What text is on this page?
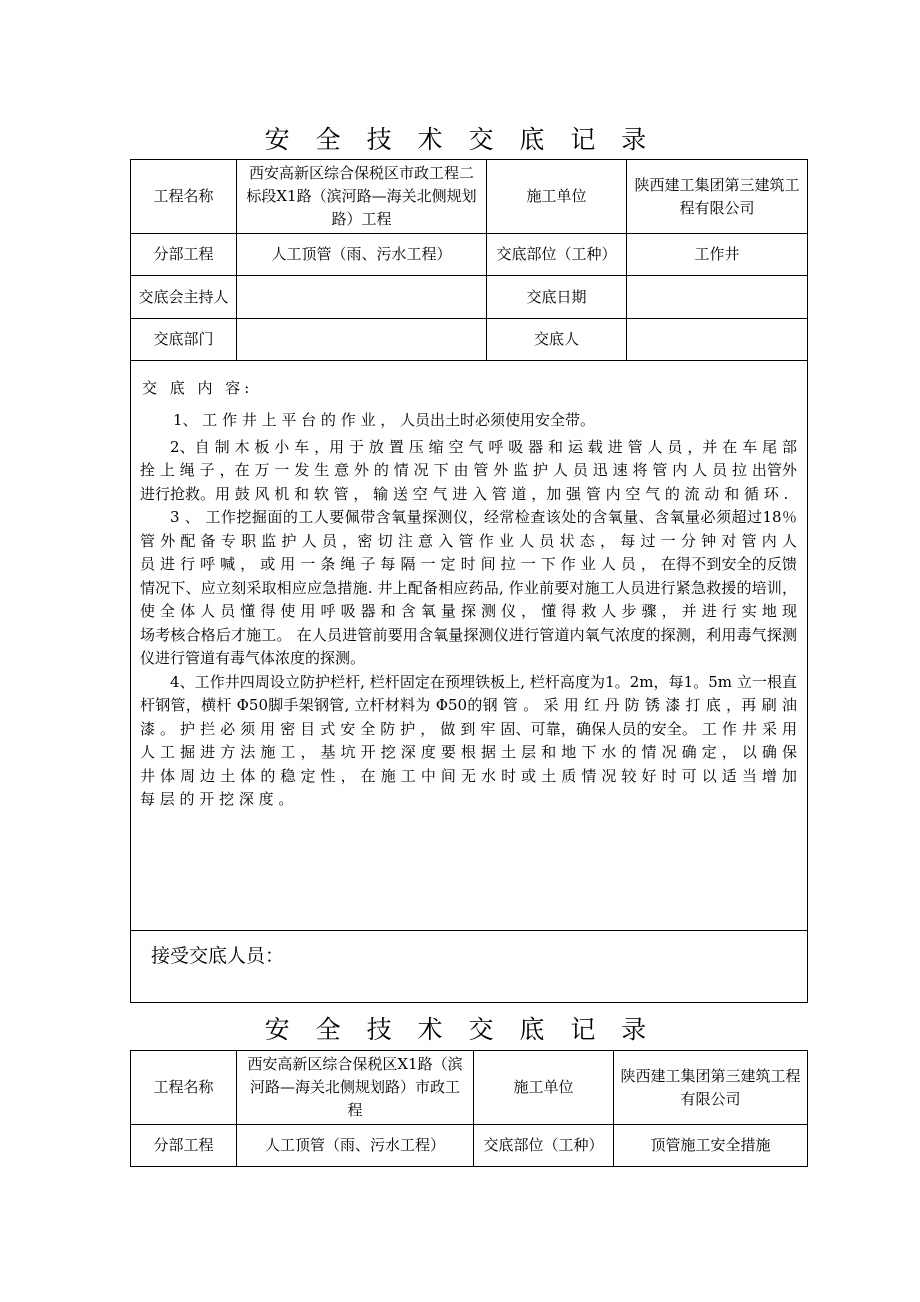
安 全 技 术 交 底 记 录
工程名称	西安高新区综合保税区市政工程二标段X1路（滨河路—海关北侧规划路）工程	施工单位	陕西建工集团第三建筑工程有限公司
分部工程	人工顶管（雨、污水工程）	交底部位（工种）	工作井
交底会主持人		交底日期	
交底部门		交底人	

交 底 内 容:

1、 工 作 井 上 平 台 的 作 业 ， 人员出土时必须使用安全带。

2、自 制 木 板 小 车 ，用 于 放 置 压 缩 空 气 呼 吸 器 和 运 载 进 管 人 员 ，并 在 车 尾 部 拴 上 绳 子 ，在 万 一 发 生 意 外 的 情 况 下 由 管 外 监 护 人 员 迅 速 将 管 内 人 员 拉 出管外进行抢救。用 鼓 风 机 和 软 管 ， 输 送 空 气 进 入 管 道 ，加 强 管 内 空 气 的 流 动 和 循 环 .

3 、 工作挖掘面的工人要佩带含氧量探测仪，经常检查该处的含氧量、含氧量必须超过18％ 管 外 配 备 专 职 监 护 人 员 ，密 切 注 意 入 管 作 业 人 员 状 态 ， 每 过 一 分 钟 对 管 内 人 员 进 行 呼 喊 ， 或 用 一 条 绳 子 每 隔 一 定 时 间 拉 一 下 作 业 人 员 ， 在得不到安全的反馈情况下、应立刻采取相应应急措施. 井上配备相应药品, 作业前要对施工人员进行紧急救援的培训，使 全 体 人 员 懂 得 使 用 呼 吸 器 和 含 氧 量 探 测 仪 ， 懂 得 救 人 步 骤 ， 并 进 行 实 地 现 场考核合格后才施工。 在人员进管前要用含氧量探测仪进行管道内氧气浓度的探测，利用毒气探测仪进行管道有毒气体浓度的探测。

4、工作井四周设立防护栏杆, 栏杆固定在预埋铁板上, 栏杆高度为1。2m，每1。5m 立一根直杆钢管，横杆 Φ50脚手架钢管, 立杆材料为 Φ50的钢 管 。 采 用 红 丹 防 锈 漆 打 底 ，再 刷 油 漆 。 护 拦 必 须 用 密 目 式 安 全 防 护 ， 做 到 牢 固、可靠，确保人员的安全。 工 作 井 采 用 人 工 掘 进 方 法 施 工 ， 基 坑 开 挖 深 度 要 根 据 土 层 和 地 下 水 的 情 况 确 定 ， 以 确 保 井 体 周 边 土 体 的 稳 定 性 ， 在 施 工 中 间 无 水 时 或 土 质 情 况 较 好 时 可 以 适 当 增 加 每 层 的 开 挖 深 度 。			

接受交底人员：			
安 全 技 术 交 底 记 录
工程名称	西安高新区综合保税区X1路（滨河路—海关北侧规划路）市政工程	施工单位	陕西建工集团第三建筑工程有限公司
分部工程	人工顶管（雨、污水工程）	交底部位（工种）	顶管施工安全措施
